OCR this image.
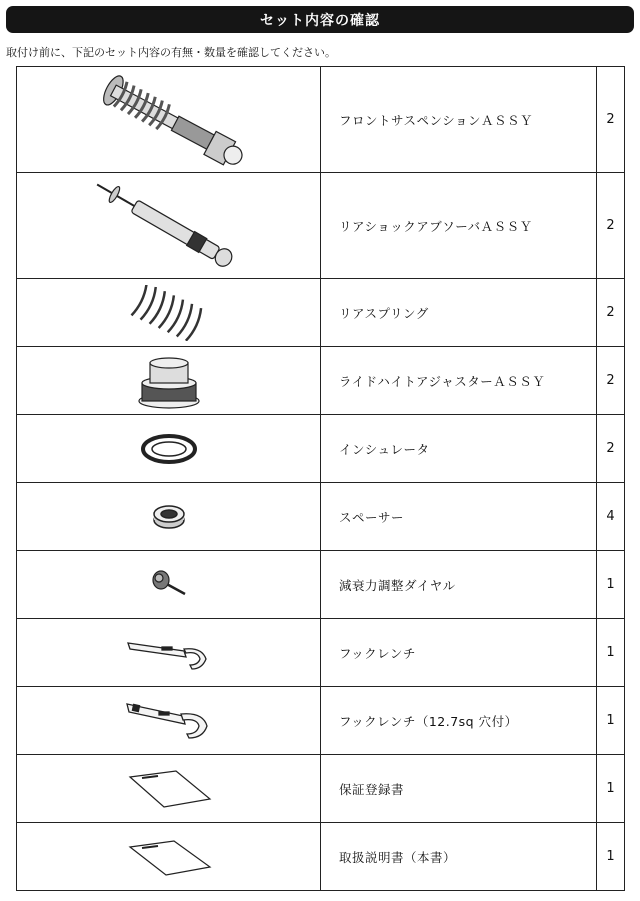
セット内容の確認
取付け前に、下記のセット内容の有無・数量を確認してください。
	フロントサスペンションＡＳＳＹ	2

	リアショックアブソーバＡＳＳＹ	2

	リアスプリング	2

	ライドハイトアジャスターＡＳＳＹ	2

	インシュレータ	2

	スペーサー	4

	減衰力調整ダイヤル	1

	フックレンチ	1

	フックレンチ（12.7sq 穴付）	1

	保証登録書	1

	取扱説明書（本書）	1
